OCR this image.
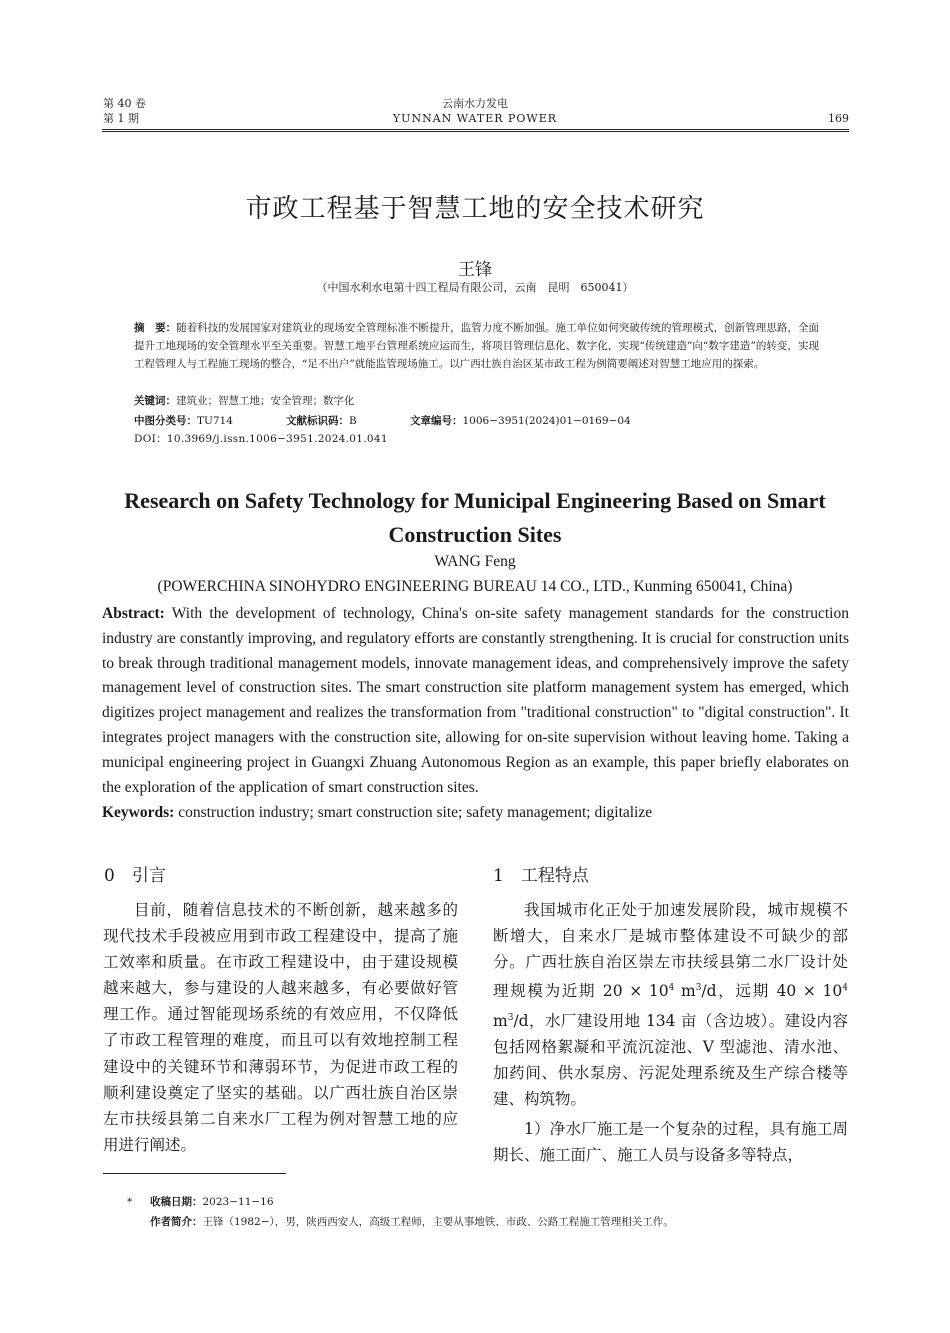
第 40 卷
第 1 期
云南水力发电
YUNNAN WATER POWER	169
市政工程基于智慧工地的安全技术研究
王锋
（中国水利水电第十四工程局有限公司，云南　昆明　650041）
摘　要：随着科技的发展国家对建筑业的现场安全管理标准不断提升，监管力度不断加强。施工单位如何突破传统的管理模式，创新管理思路，全面提升工地现场的安全管理水平至关重要。智慧工地平台管理系统应运而生，将项目管理信息化、数字化，实现“传统建造”向“数字建造”的转变，实现工程管理人与工程施工现场的整合，“足不出户”就能监管现场施工。以广西壮族自治区某市政工程为例简要阐述对智慧工地应用的探索。
关键词：建筑业；智慧工地；安全管理；数字化
中图分类号：TU714	文献标识码：B	文章编号：1006−3951(2024)01−0169−04
DOI：10.3969/j.issn.1006−3951.2024.01.041
Research on Safety Technology for Municipal Engineering Based on Smart Construction Sites
WANG Feng
(POWERCHINA SINOHYDRO ENGINEERING BUREAU 14 CO., LTD., Kunming 650041, China)
Abstract: With the development of technology, China's on-site safety management standards for the construction industry are constantly improving, and regulatory efforts are constantly strengthening. It is crucial for construction units to break through traditional management models, innovate management ideas, and comprehensively improve the safety management level of construction sites. The smart construction site platform management system has emerged, which digitizes project management and realizes the transformation from "traditional construction" to "digital construction". It integrates project managers with the construction site, allowing for on-site supervision without leaving home. Taking a municipal engineering project in Guangxi Zhuang Autonomous Region as an example, this paper briefly elaborates on the exploration of the application of smart construction sites.
Keywords: construction industry; smart construction site; safety management; digitalize
0　引言

目前，随着信息技术的不断创新，越来越多的现代技术手段被应用到市政工程建设中，提高了施工效率和质量。在市政工程建设中，由于建设规模越来越大，参与建设的人越来越多，有必要做好管理工作。通过智能现场系统的有效应用，不仅降低了市政工程管理的难度，而且可以有效地控制工程建设中的关键环节和薄弱环节，为促进市政工程的顺利建设奠定了坚实的基础。以广西壮族自治区崇左市扶绥县第二自来水厂工程为例对智慧工地的应用进行阐述。

1　工程特点

我国城市化正处于加速发展阶段，城市规模不断增大，自来水厂是城市整体建设不可缺少的部分。广西壮族自治区崇左市扶绥县第二水厂设计处理规模为近期 $20 \times 10^4$ $m^3/d$，远期 $40 \times 10^4$ $m^3/d$，水厂建设用地 134 亩（含边坡）。建设内容包括网格絮凝和平流沉淀池、V 型滤池、清水池、加药间、供水泵房、污泥处理系统及生产综合楼等建、构筑物。

1）净水厂施工是一个复杂的过程，具有施工周期长、施工面广、施工人员与设备多等特点，

* 收稿日期：2023−11−16
作者简介：王锋（1982−），男，陕西西安人，高级工程师，主要从事地铁、市政、公路工程施工管理相关工作。
